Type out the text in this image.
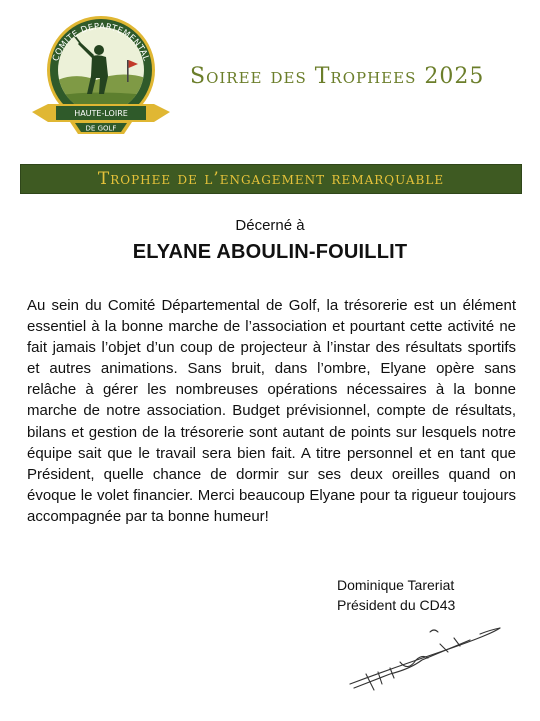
COMITE DEPARTEMENTAL
HAUTE-LOIRE
DE GOLF
Soiree des Trophees 2025
Trophee de l’engagement remarquable
Décerné à
ELYANE ABOULIN-FOUILLIT
Au sein du Comité Départemental de Golf, la trésorerie est un élément essentiel à la bonne marche de l’association et pourtant cette activité ne fait jamais l’objet d’un coup de projecteur à l’instar des résultats sportifs et autres animations. Sans bruit, dans l’ombre, Elyane opère sans relâche à gérer les nombreuses opérations nécessaires à la bonne marche de notre association. Budget prévisionnel, compte de résultats, bilans et gestion de la trésorerie sont autant de points sur lesquels notre équipe sait que le travail sera bien fait. A titre personnel et en tant que Président, quelle chance de dormir sur ses deux oreilles quand on évoque le volet financier. Merci beaucoup Elyane pour ta rigueur toujours accompagnée par ta bonne humeur!
Dominique Tareriat
Président du CD43
